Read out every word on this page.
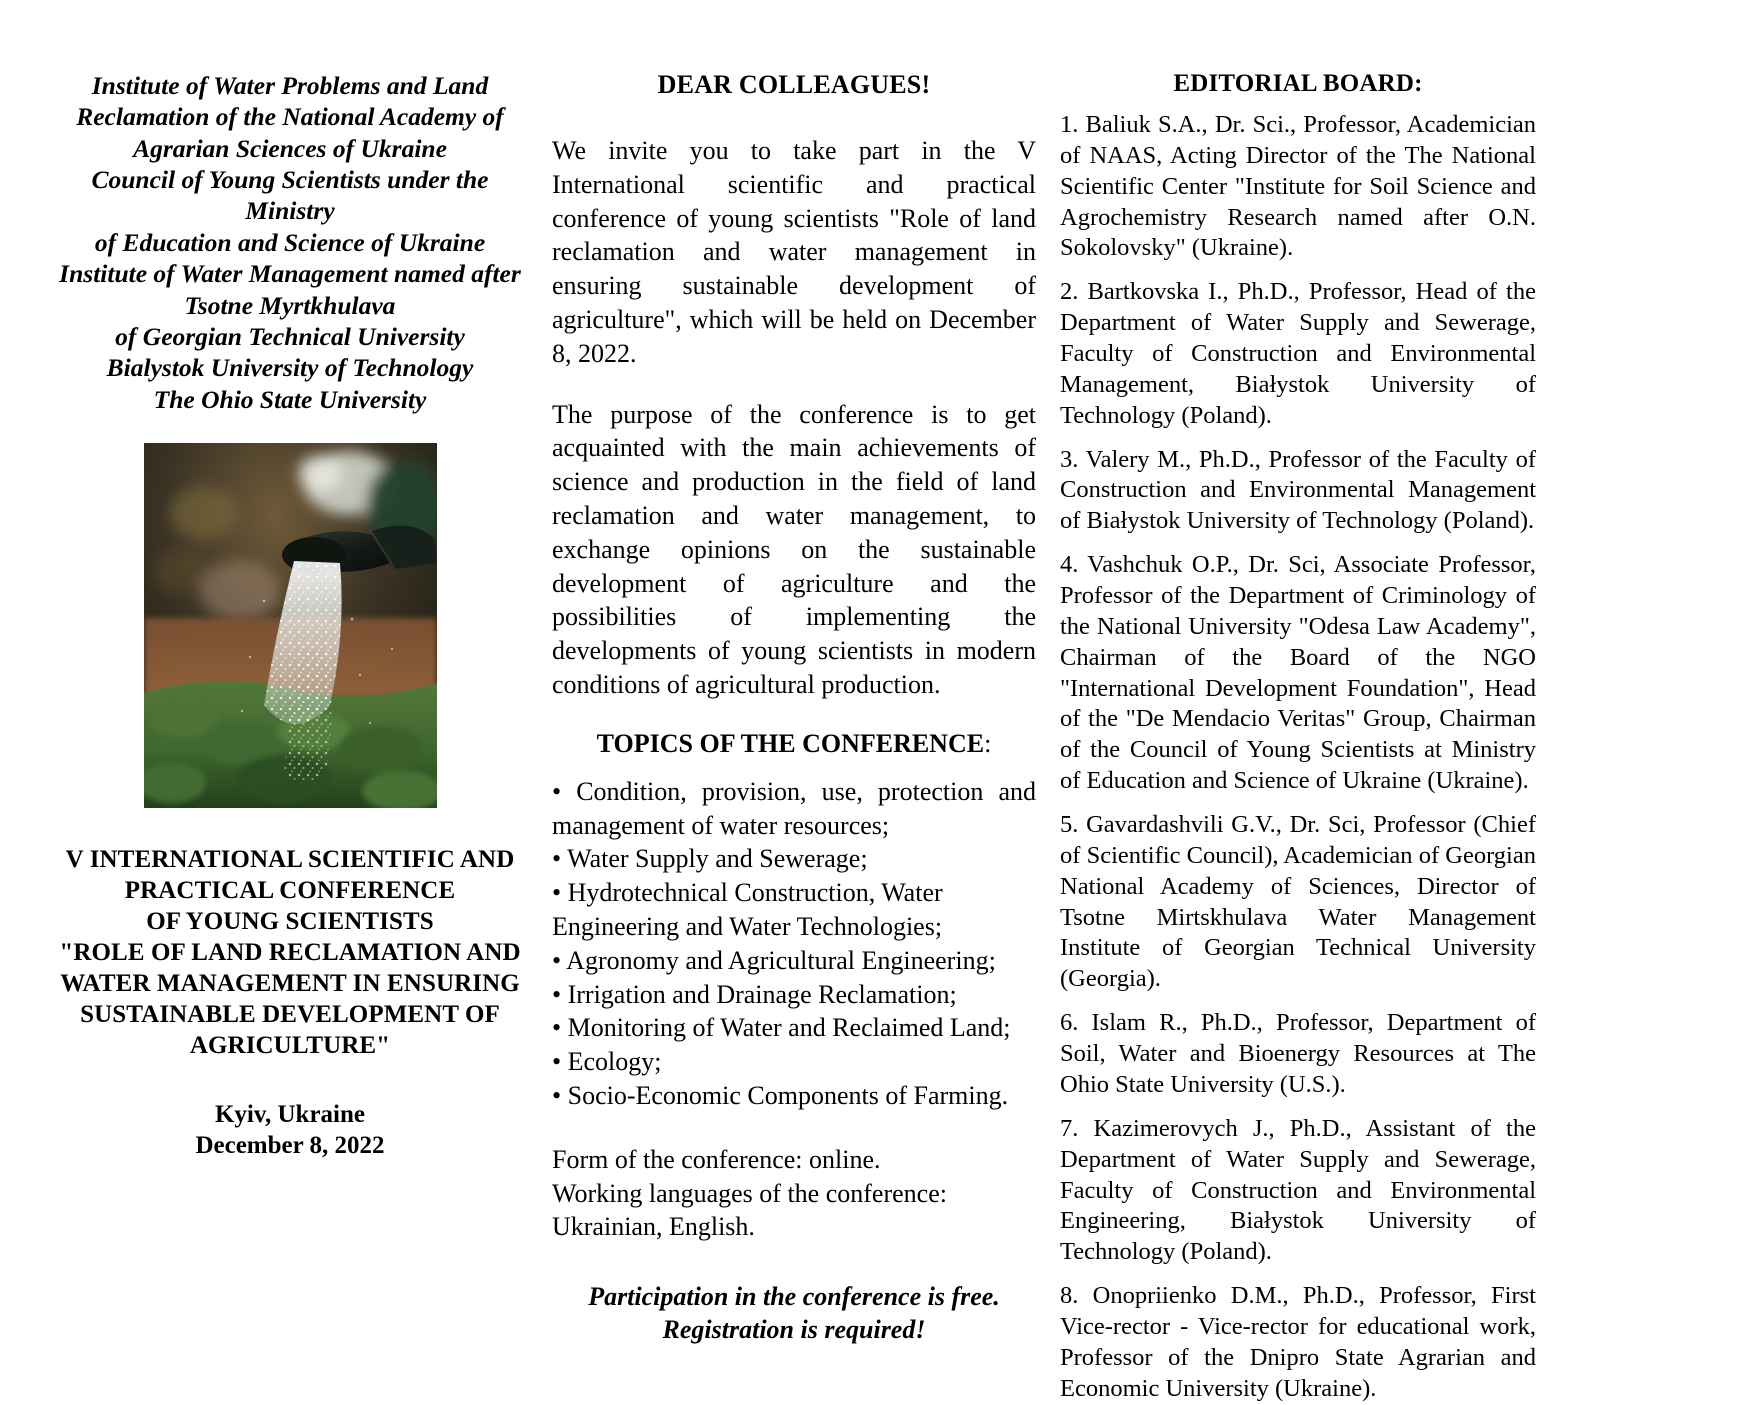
Institute of Water Problems and Land
Reclamation of the National Academy of
Agrarian Sciences of Ukraine
Council of Young Scientists under the Ministry
of Education and Science of Ukraine
Institute of Water Management named after
Tsotne Myrtkhulava
of Georgian Technical University
Bialystok University of Technology
The Ohio State University
V INTERNATIONAL SCIENTIFIC AND
PRACTICAL CONFERENCE
OF YOUNG SCIENTISTS
"ROLE OF LAND RECLAMATION AND
WATER MANAGEMENT IN ENSURING
SUSTAINABLE DEVELOPMENT OF
AGRICULTURE"
Kyiv, Ukraine
December 8, 2022
DEAR COLLEAGUES!

We invite you to take part in the V International scientific and practical conference of young scientists "Role of land reclamation and water management in ensuring sustainable development of agriculture", which will be held on December 8, 2022.

The purpose of the conference is to get acquainted with the main achievements of science and production in the field of land reclamation and water management, to exchange opinions on the sustainable development of agriculture and the possibilities of implementing the developments of young scientists in modern conditions of agricultural production.

TOPICS OF THE CONFERENCE:
• Condition, provision, use, protection and management of water resources;
• Water Supply and Sewerage;
• Hydrotechnical Construction, Water Engineering and Water Technologies;
• Agronomy and Agricultural Engineering;
• Irrigation and Drainage Reclamation;
• Monitoring of Water and Reclaimed Land;
• Ecology;
• Socio-Economic Components of Farming.
Form of the conference: online.
Working languages of the conference: Ukrainian, English.
Participation in the conference is free.
Registration is required!
EDITORIAL BOARD:
1. Baliuk S.A., Dr. Sci., Professor, Academician of NAAS, Acting Director of the The National Scientific Center "Institute for Soil Science and Agrochemistry Research named after O.N. Sokolovsky" (Ukraine).
2. Bartkovska I., Ph.D., Professor, Head of the Department of Water Supply and Sewerage, Faculty of Construction and Environmental Management, Białystok University of Technology (Poland).
3. Valery M., Ph.D., Professor of the Faculty of Construction and Environmental Management of Białystok University of Technology (Poland).
4. Vashchuk O.P., Dr. Sci, Associate Professor, Professor of the Department of Criminology of the National University "Odesa Law Academy", Chairman of the Board of the NGO "International Development Foundation", Head of the "De Mendacio Veritas" Group, Chairman of the Council of Young Scientists at Ministry of Education and Science of Ukraine (Ukraine).
5. Gavardashvili G.V., Dr. Sci, Professor (Chief of Scientific Council), Academician of Georgian National Academy of Sciences, Director of Tsotne Mirtskhulava Water Management Institute of Georgian Technical University (Georgia).
6. Islam R., Ph.D., Professor, Department of Soil, Water and Bioenergy Resources at The Ohio State University (U.S.).
7. Kazimerovych J., Ph.D., Assistant of the Department of Water Supply and Sewerage, Faculty of Construction and Environmental Engineering, Białystok University of Technology (Poland).
8. Onopriienko D.M., Ph.D., Professor, First Vice-rector - Vice-rector for educational work, Professor of the Dnipro State Agrarian and Economic University (Ukraine).
